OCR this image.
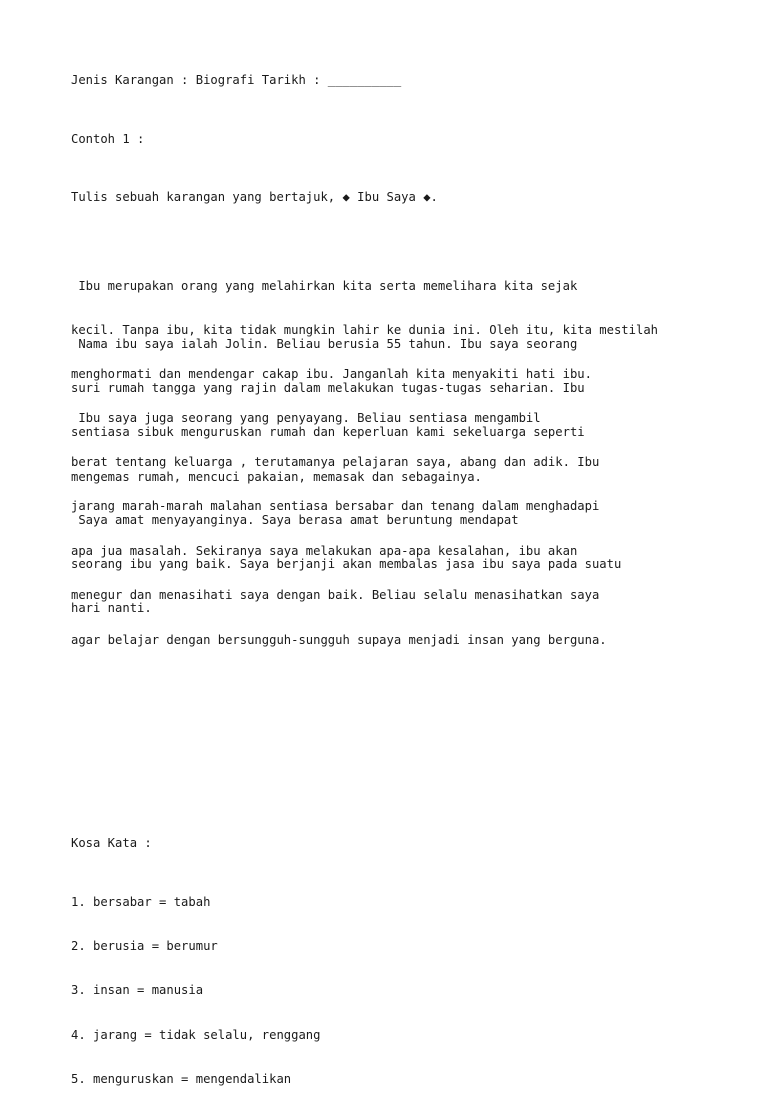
Jenis Karangan : Biografi Tarikh : __________
Contoh 1 :
Tulis sebuah karangan yang bertajuk, ◆ Ibu Saya ◆.

Ibu merupakan orang yang melahirkan kita serta memelihara kita sejak

kecil. Tanpa ibu, kita tidak mungkin lahir ke dunia ini. Oleh itu, kita mestilah

menghormati dan mendengar cakap ibu. Janganlah kita menyakiti hati ibu.

Nama ibu saya ialah Jolin. Beliau berusia 55 tahun. Ibu saya seorang

suri rumah tangga yang rajin dalam melakukan tugas-tugas seharian. Ibu

sentiasa sibuk menguruskan rumah dan keperluan kami sekeluarga seperti

mengemas rumah, mencuci pakaian, memasak dan sebagainya.

Ibu saya juga seorang yang penyayang. Beliau sentiasa mengambil

berat tentang keluarga , terutamanya pelajaran saya, abang dan adik. Ibu

jarang marah-marah malahan sentiasa bersabar dan tenang dalam menghadapi

apa jua masalah. Sekiranya saya melakukan apa-apa kesalahan, ibu akan

menegur dan menasihati saya dengan baik. Beliau selalu menasihatkan saya

agar belajar dengan bersungguh-sungguh supaya menjadi insan yang berguna.

Saya amat menyayanginya. Saya berasa amat beruntung mendapat

seorang ibu yang baik. Saya berjanji akan membalas jasa ibu saya pada suatu

hari nanti.

Kosa Kata :

1. bersabar = tabah

2. berusia = berumur

3. insan = manusia

4. jarang = tidak selalu, renggang

5. menguruskan = mengendalikan
